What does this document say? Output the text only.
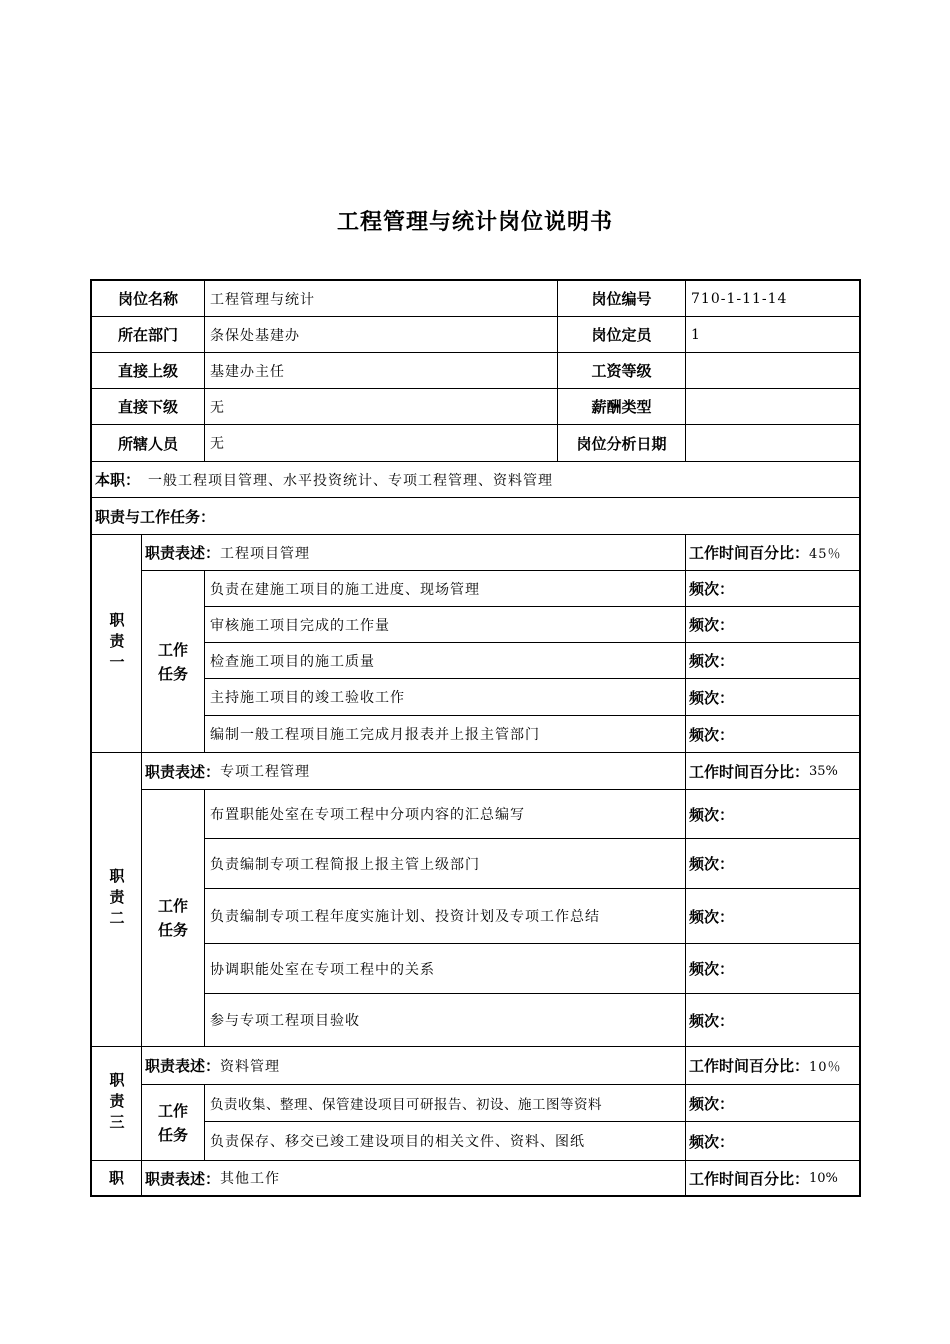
工程管理与统计岗位说明书
岗位名称	工程管理与统计	岗位编号	710-1-11-14
所在部门	条保处基建办	岗位定员	1
直接上级	基建办主任	工资等级
直接下级	无	薪酬类型
所辖人员	无	岗位分析日期
本职： 一般工程项目管理、水平投资统计、专项工程管理、资料管理
职责与工作任务：
职责一
职责表述： 工程项目管理	工作时间百分比： 45％
工作任务
负责在建施工项目的施工进度、现场管理	频次：
审核施工项目完成的工作量	频次：
检查施工项目的施工质量	频次：
主持施工项目的竣工验收工作	频次：
编制一般工程项目施工完成月报表并上报主管部门	频次：
职责二
职责表述： 专项工程管理	工作时间百分比： 35%
工作任务
布置职能处室在专项工程中分项内容的汇总编写	频次：
负责编制专项工程简报上报主管上级部门	频次：
负责编制专项工程年度实施计划、投资计划及专项工作总结	频次：
协调职能处室在专项工程中的关系	频次：
参与专项工程项目验收	频次：
职责三
职责表述： 资料管理	工作时间百分比： 10％
工作任务
负责收集、整理、保管建设项目可研报告、初设、施工图等资料	频次：
负责保存、移交已竣工建设项目的相关文件、资料、图纸	频次：
职	职责表述： 其他工作	工作时间百分比： 10%
